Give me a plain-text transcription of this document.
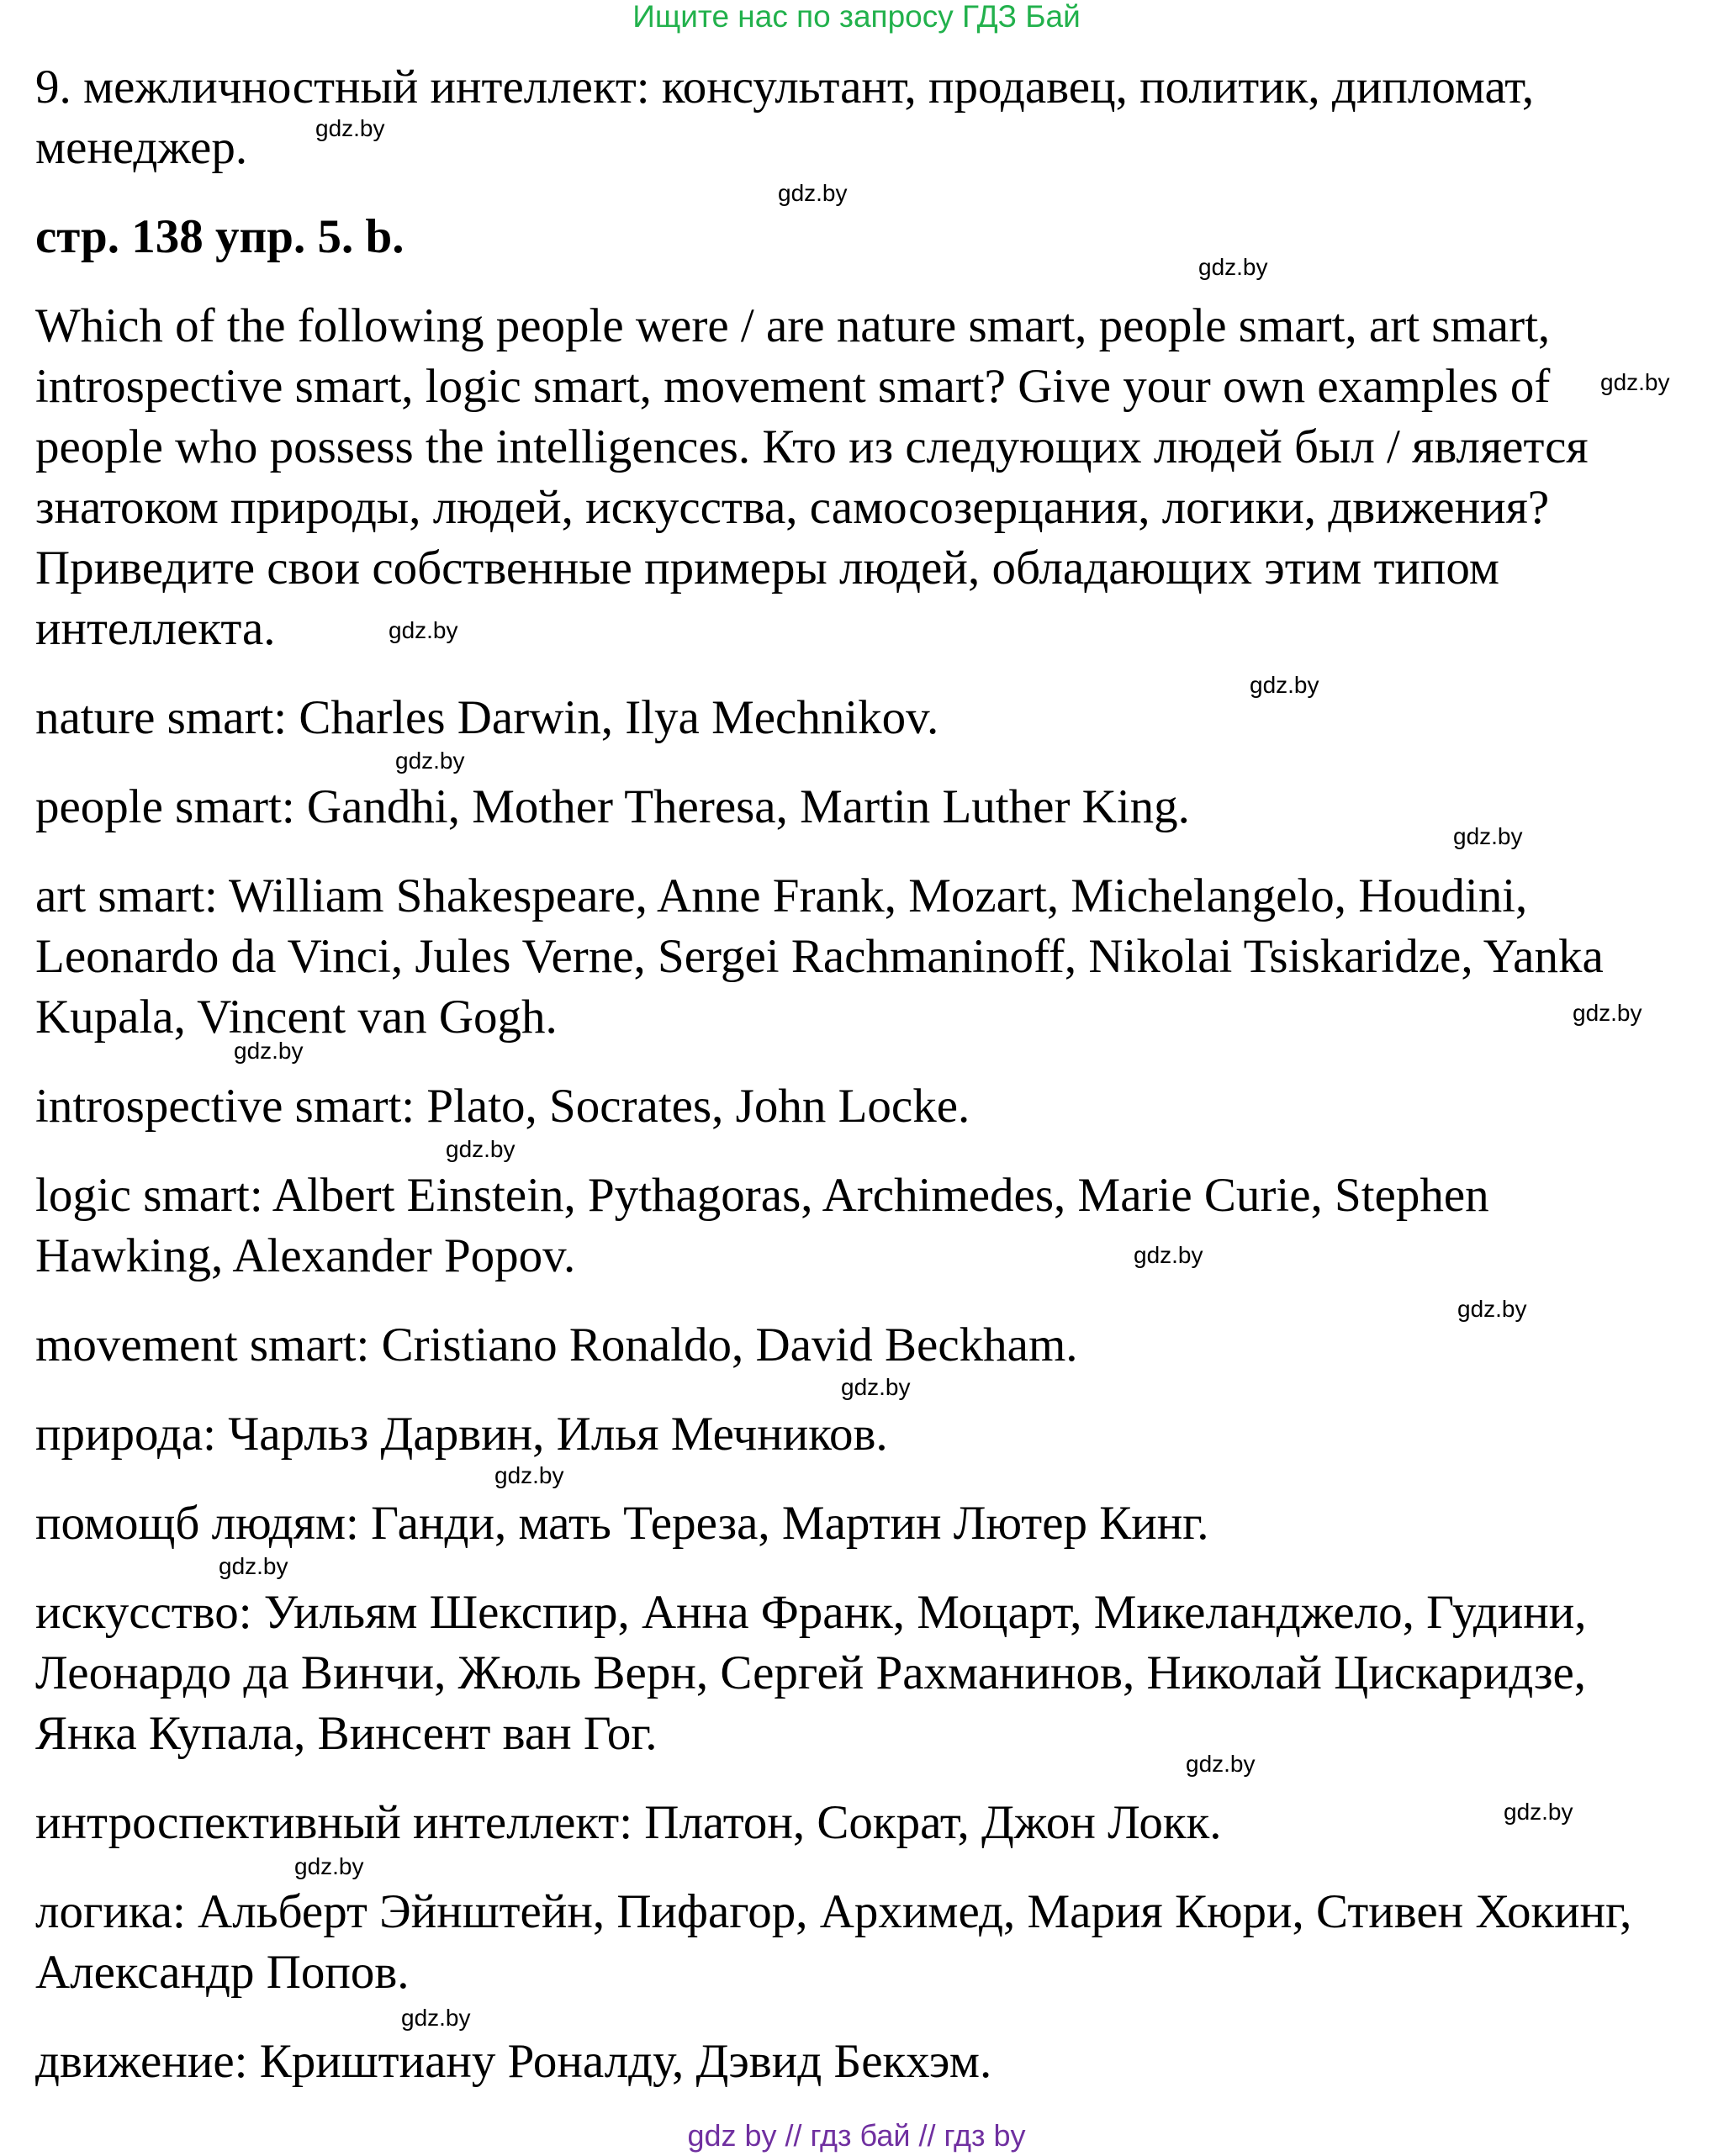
Ищите нас по запросу ГДЗ Бай

9. межличностный интеллект: консультант, продавец, политик, дипломат, менеджер.

стр. 138 упр. 5. b.

Which of the following people were / are nature smart, people smart, art smart, introspective smart, logic smart, movement smart? Give your own examples of people who possess the intelligences. Кто из следующих людей был / является знатоком природы, людей, искусства, самосозерцания, логики, движения? Приведите свои собственные примеры людей, обладающих этим типом интеллекта.

nature smart: Charles Darwin, Ilya Mechnikov.

people smart: Gandhi, Mother Theresa, Martin Luther King.

art smart: William Shakespeare, Anne Frank, Mozart, Michelangelo, Houdini, Leonardo da Vinci, Jules Verne, Sergei Rachmaninoff, Nikolai Tsiskaridze, Yanka Kupala, Vincent van Gogh.

introspective smart: Plato, Socrates, John Locke.

logic smart: Albert Einstein, Pythagoras, Archimedes, Marie Curie, Stephen Hawking, Alexander Popov.

movement smart: Cristiano Ronaldo, David Beckham.

природа: Чарльз Дарвин, Илья Мечников.

помощб людям: Ганди, мать Тереза, Мартин Лютер Кинг.

искусство: Уильям Шекспир, Анна Франк, Моцарт, Микеланджело, Гудини, Леонардо да Винчи, Жюль Верн, Сергей Рахманинов, Николай Цискаридзе, Янка Купала, Винсент ван Гог.

интроспективный интеллект: Платон, Сократ, Джон Локк.

логика: Альберт Эйнштейн, Пифагор, Архимед, Мария Кюри, Стивен Хокинг, Александр Попов.

движение: Криштиану Роналду, Дэвид Бекхэм.

gdz.by
gdz.by
gdz.by
gdz.by
gdz.by
gdz.by
gdz.by
gdz.by
gdz.by
gdz.by
gdz.by
gdz.by
gdz.by
gdz.by
gdz.by
gdz.by
gdz.by
gdz.by
gdz.by
gdz.by
gdz by // гдз бай // гдз by
